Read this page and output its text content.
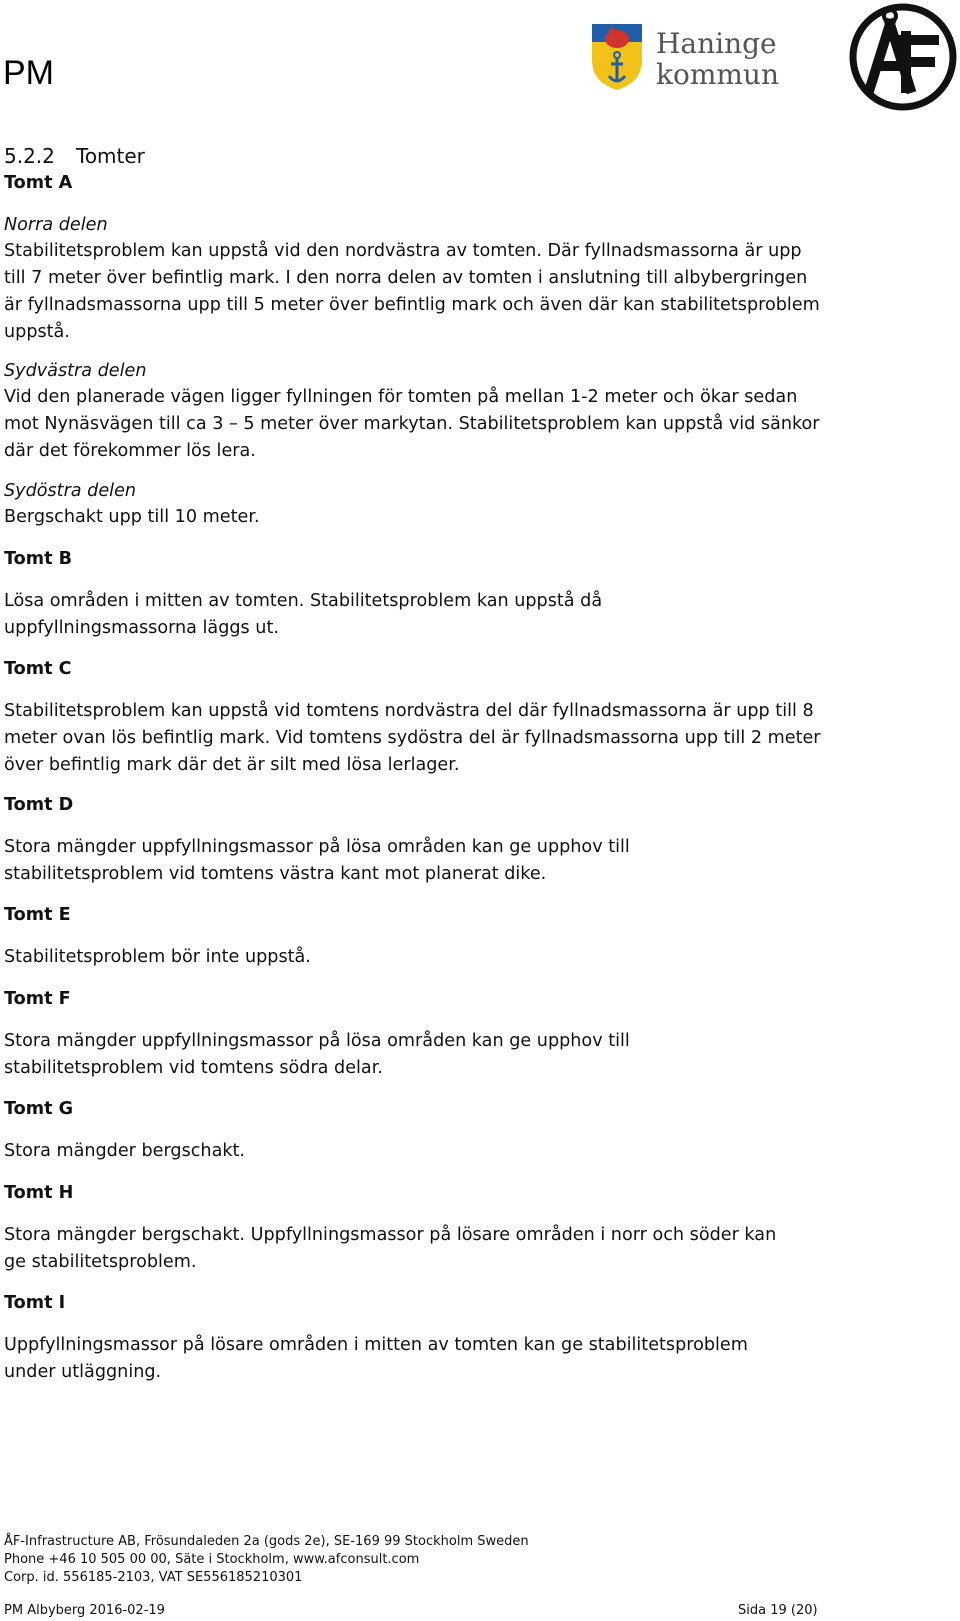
PM
Haninge
kommun
ÅF
5.2.2 Tomter
Tomt A
Norra delen
Stabilitetsproblem kan uppstå vid den nordvästra av tomten. Där fyllnadsmassorna är upp till 7 meter över befintlig mark. I den norra delen av tomten i anslutning till albybergringen är fyllnadsmassorna upp till 5 meter över befintlig mark och även där kan stabilitetsproblem uppstå.
Sydvästra delen
Vid den planerade vägen ligger fyllningen för tomten på mellan 1-2 meter och ökar sedan mot Nynäsvägen till ca 3 – 5 meter över markytan. Stabilitetsproblem kan uppstå vid sänkor där det förekommer lös lera.
Sydöstra delen
Bergschakt upp till 10 meter.
Tomt B
Lösa områden i mitten av tomten. Stabilitetsproblem kan uppstå då uppfyllningsmassorna läggs ut.
Tomt C
Stabilitetsproblem kan uppstå vid tomtens nordvästra del där fyllnadsmassorna är upp till 8 meter ovan lös befintlig mark. Vid tomtens sydöstra del är fyllnadsmassorna upp till 2 meter över befintlig mark där det är silt med lösa lerlager.
Tomt D
Stora mängder uppfyllningsmassor på lösa områden kan ge upphov till stabilitetsproblem vid tomtens västra kant mot planerat dike.
Tomt E
Stabilitetsproblem bör inte uppstå.
Tomt F
Stora mängder uppfyllningsmassor på lösa områden kan ge upphov till stabilitetsproblem vid tomtens södra delar.
Tomt G
Stora mängder bergschakt.
Tomt H
Stora mängder bergschakt. Uppfyllningsmassor på lösare områden i norr och söder kan ge stabilitetsproblem.
Tomt I
Uppfyllningsmassor på lösare områden i mitten av tomten kan ge stabilitetsproblem under utläggning.
ÅF-Infrastructure AB, Frösundaleden 2a (gods 2e), SE-169 99 Stockholm Sweden
Phone +46 10 505 00 00, Säte i Stockholm, www.afconsult.com
Corp. id. 556185-2103, VAT SE556185210301
PM Albyberg 2016-02-19	Sida 19 (20)
